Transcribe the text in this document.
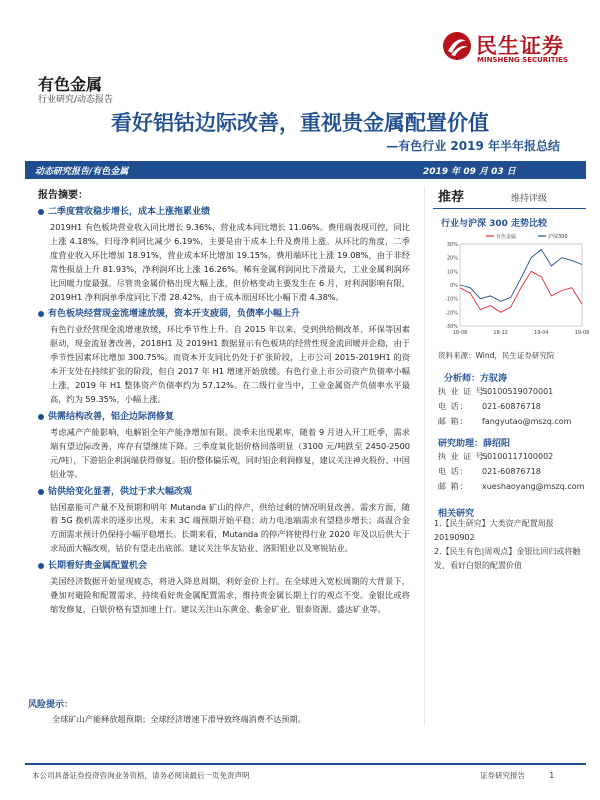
民生证券
MINSHENG SECURITIES
有色金属
行业研究/动态报告
看好铝钴边际改善，重视贵金属配置价值
—有色行业 2019 年半年报总结
动态研究报告/有色金属	2019 年 09 月 03 日
报告摘要：
二季度营收稳步增长，成本上涨拖累业绩

2019H1 有色板块营业收入同比增长 9.36%，营业成本同比增长 11.06%。费用端表现可控，同比上涨 4.18%，归母净利同比减少 6.19%，主要是由于成本上升及费用上涨。从环比的角度，二季度营业收入环比增加 18.91%，营业成本环比增加 19.15%，费用端环比上涨 19.08%，由于非经常性损益上升 81.93%，净利润环比上涨 16.26%。稀有金属利润同比下滑最大，工业金属利润环比回暖力度最强。尽管贵金属价格出现大幅上涨，但价格变动主要发生在 6 月，对利润影响有限，2019H1 净利润单季度同比下滑 28.42%，由于成本原因环比小幅下滑 4.38%。

有色板块经营现金流增速放缓，资本开支疲弱，负债率小幅上升

有色行业经营现金流增速放缓，环比季节性上升。自 2015 年以来，受到供给侧改革、环保等因素驱动，现金流显著改善，2018H1 及 2019H1 数据显示有色板块的经营性现金流回暖并企稳，由于季节性因素环比增加 300.75%。而资本开支同比仍处于扩张阶段，上市公司 2015-2019H1 的资本开支处在持续扩张的阶段，但自 2017 年 H1 增速开始放缓。有色行业上市公司资产负债率小幅上涨，2019 年 H1 整体资产负债率约为 57.12%。在二级行业当中，工业金属资产负债率水平最高，约为 59.35%，小幅上涨。

供需结构改善，铝企边际润修复

考虑减产产能影响，电解铝全年产能净增加有限。淡季未出现累库，随着 9 月进入开工旺季，需求端有望边际改善，库存有望继续下降。三季度氧化铝价格回落明显（3100 元/吨跌至 2450-2500 元/吨），下游铝企利润端获得修复。铝价整体偏乐观，同时铝企利润修复，建议关注神火股份、中国铝业等。

钴供给变化显著，供过于求大幅改观

钴国嘉能可产量不及预期和明年 Mutanda 矿山的停产，供给过剩的情况明显改善。需求方面，随着 5G 换机需求的逐步出现，未来 3C 端预期开始平稳；动力电池端需求有望稳步增长；高温合金方面需求预计仍保持小幅平稳增长。长期来看，Mutanda 的停产将使得行业 2020 年及以后供大于求局面大幅改观，钴价有望走出底部。建议关注华友钴业、洛阳钼业以及寒锐钴业。

长期看好贵金属配置机会

美国经济数据开始显现疲态，将进入降息周期，利好金价上行。在全球进入宽松周期的大背景下，叠加对避险和配置需求，持续看好贵金属配置需求，维持贵金属长期上行的观点不变。金银比或将缩发修复，白银价格有望加速上行。建议关注山东黄金、紫金矿业、银泰资源、盛达矿业等。

风险提示：
全球矿山产能释放超预期；全球经济增速下滑导致终端消费不达预期。
推荐	维持评级
行业与沪深 300 走势比较
有色金属	沪深300
30%
20%
10%
0%
-10%
-20%
-30%
18-08	18-12	19-04	19-08
资料来源：Wind，民生证券研究院
分析师：方驭涛
执 业 证 号：S0100519070001
电 话： 021-60876718
邮 箱： fangyutao@mszq.com
研究助理：薛绍阳
执 业 证 号：S0100117100002
电 话： 021-60876718
邮 箱： xueshaoyang@mszq.com
相关研究
1.【民生研究】大类资产配置周报 20190902
2.【民生有色|周观点】金银比回归或将触发，看好白银的配置价值
本公司具备证券投资咨询业务资格，请务必阅读最后一页免责声明	证券研究报告	1
